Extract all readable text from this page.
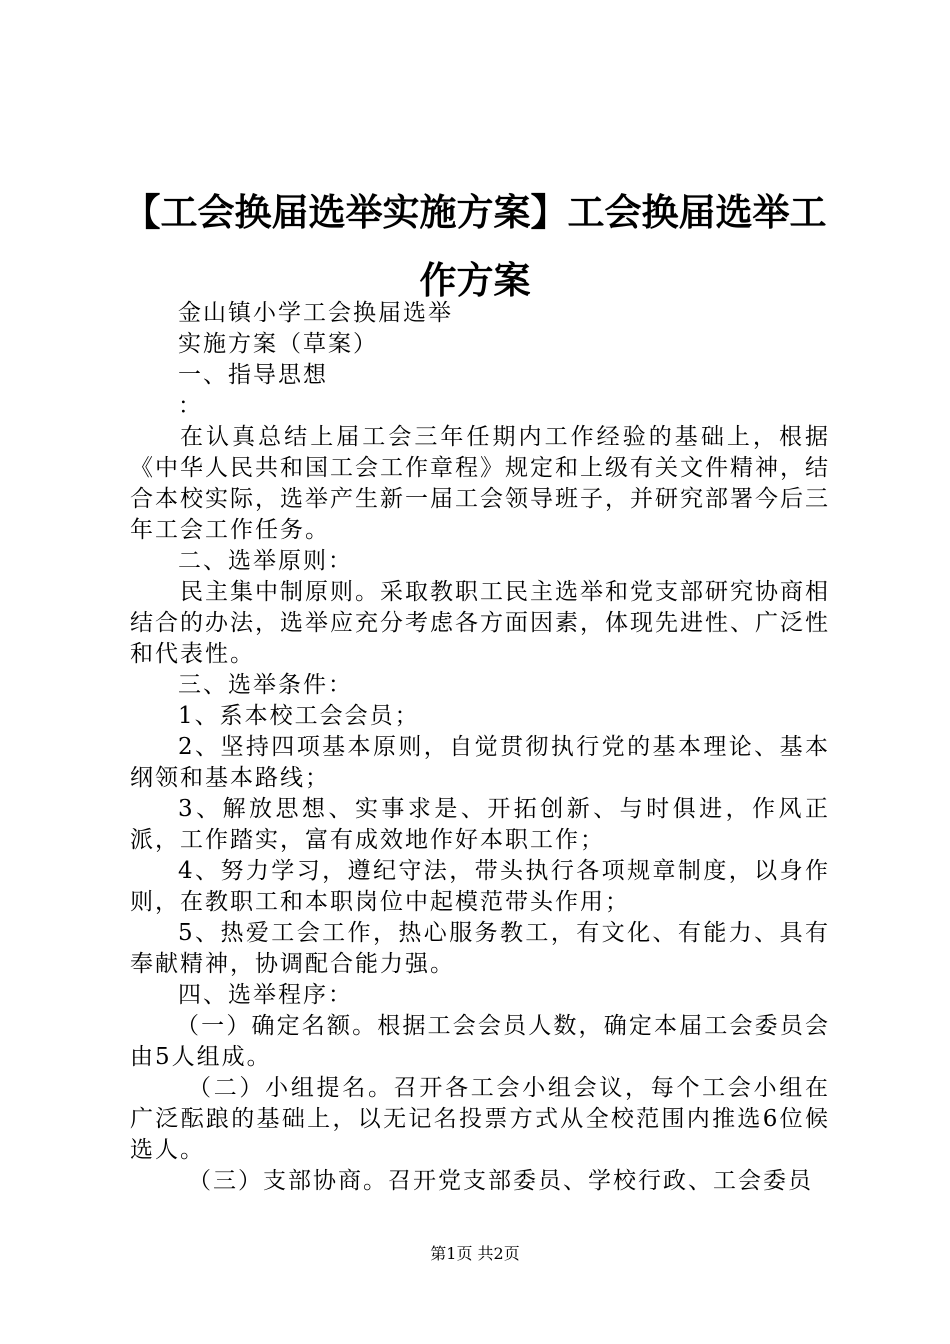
【工会换届选举实施方案】工会换届选举工作方案

金山镇小学工会换届选举

实施方案（草案）

一、指导思想

：

在认真总结上届工会三年任期内工作经验的基础上，根据《中华人民共和国工会工作章程》规定和上级有关文件精神，结合本校实际，选举产生新一届工会领导班子，并研究部署今后三年工会工作任务。

二、选举原则：

民主集中制原则。采取教职工民主选举和党支部研究协商相结合的办法，选举应充分考虑各方面因素，体现先进性、广泛性和代表性。

三、选举条件：

1、系本校工会会员；

2、坚持四项基本原则，自觉贯彻执行党的基本理论、基本纲领和基本路线；

3、解放思想、实事求是、开拓创新、与时俱进，作风正派，工作踏实，富有成效地作好本职工作；

4、努力学习，遵纪守法，带头执行各项规章制度，以身作则，在教职工和本职岗位中起模范带头作用；

5、热爱工会工作，热心服务教工，有文化、有能力、具有奉献精神，协调配合能力强。

四、选举程序：

（一）确定名额。根据工会会员人数，确定本届工会委员会由5人组成。

（二）小组提名。召开各工会小组会议，每个工会小组在广泛酝踉的基础上，以无记名投票方式从全校范围内推选6位候选人。

（三）支部协商。召开党支部委员、学校行政、工会委员

第1页 共2页
